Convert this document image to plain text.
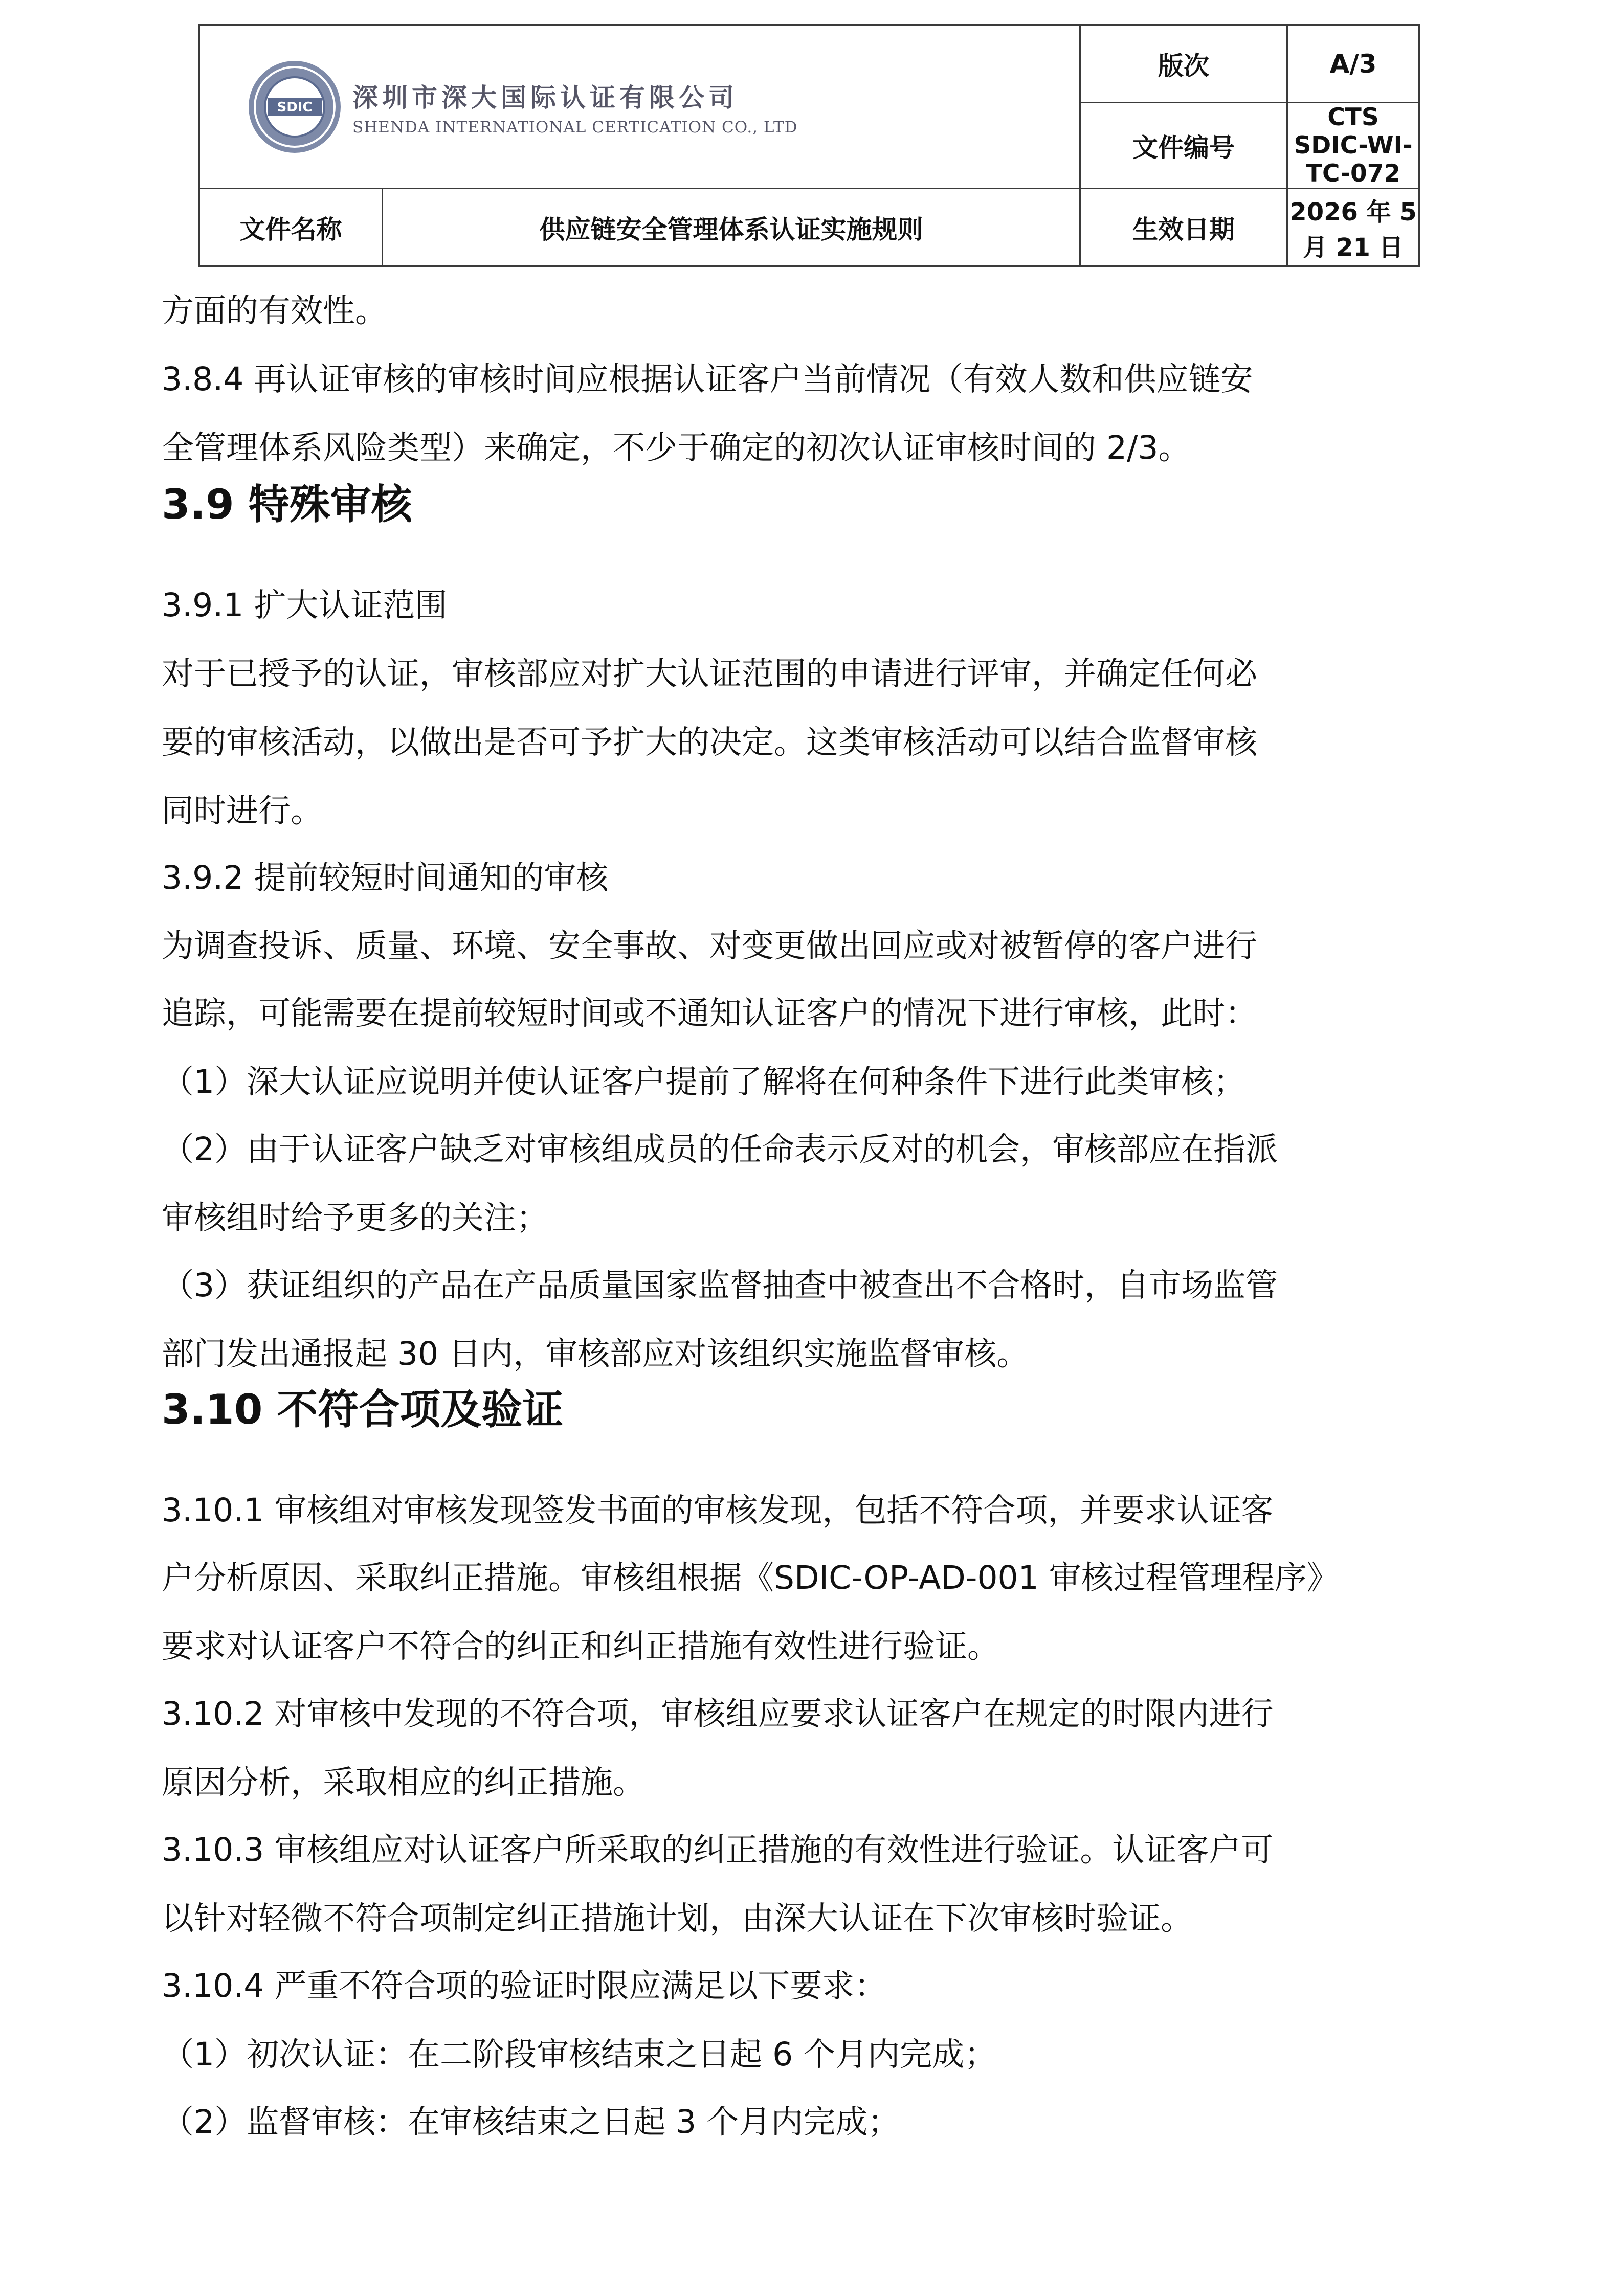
SDIC 深圳市深大国际认证有限公司
SHENDA INTERNATIONAL CERTICATION CO., LTD		版次	A/3
		文件编号	CTS SDIC-WI-TC-072
文件名称	供应链安全管理体系认证实施规则	生效日期	2026 年 5 月 21 日
方面的有效性。
3.8.4 再认证审核的审核时间应根据认证客户当前情况（有效人数和供应链安
全管理体系风险类型）来确定，不少于确定的初次认证审核时间的 2/3。
3.9 特殊审核
3.9.1 扩大认证范围
对于已授予的认证，审核部应对扩大认证范围的申请进行评审，并确定任何必
要的审核活动，以做出是否可予扩大的决定。这类审核活动可以结合监督审核
同时进行。
3.9.2 提前较短时间通知的审核
为调查投诉、质量、环境、安全事故、对变更做出回应或对被暂停的客户进行
追踪，可能需要在提前较短时间或不通知认证客户的情况下进行审核，此时：
（1）深大认证应说明并使认证客户提前了解将在何种条件下进行此类审核；
（2）由于认证客户缺乏对审核组成员的任命表示反对的机会，审核部应在指派
审核组时给予更多的关注；
（3）获证组织的产品在产品质量国家监督抽查中被查出不合格时，自市场监管
部门发出通报起 30 日内，审核部应对该组织实施监督审核。
3.10 不符合项及验证
3.10.1 审核组对审核发现签发书面的审核发现，包括不符合项，并要求认证客
户分析原因、采取纠正措施。审核组根据《SDIC-OP-AD-001 审核过程管理程序》
要求对认证客户不符合的纠正和纠正措施有效性进行验证。
3.10.2 对审核中发现的不符合项，审核组应要求认证客户在规定的时限内进行
原因分析，采取相应的纠正措施。
3.10.3 审核组应对认证客户所采取的纠正措施的有效性进行验证。认证客户可
以针对轻微不符合项制定纠正措施计划，由深大认证在下次审核时验证。
3.10.4 严重不符合项的验证时限应满足以下要求：
（1）初次认证：在二阶段审核结束之日起 6 个月内完成；
（2）监督审核：在审核结束之日起 3 个月内完成；
